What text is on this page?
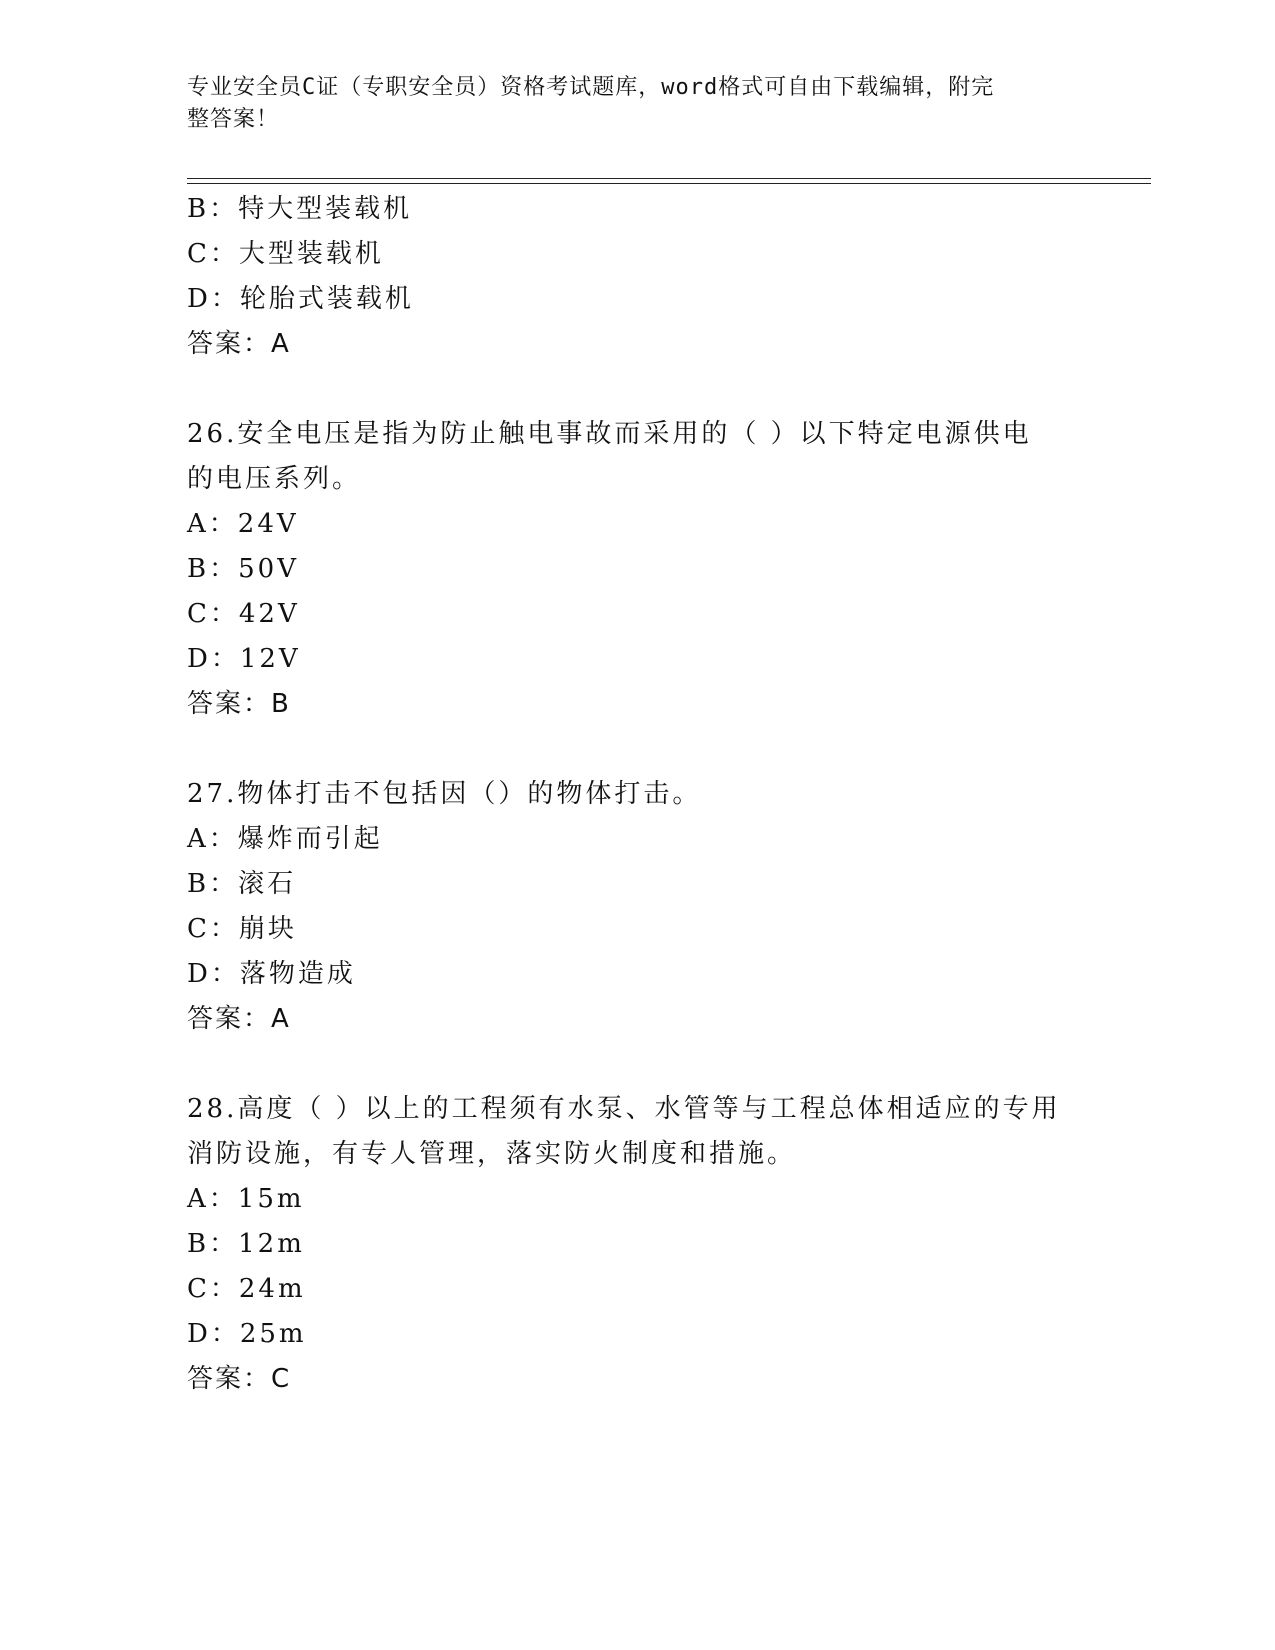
专业安全员C证（专职安全员）资格考试题库，word格式可自由下载编辑，附完
整答案！
B：特大型装载机
C：大型装载机
D：轮胎式装载机
答案：A
26.安全电压是指为防止触电事故而采用的（ ）以下特定电源供电
的电压系列。
A：24V
B：50V
C：42V
D：12V
答案：B
27.物体打击不包括因（）的物体打击。
A：爆炸而引起
B：滚石
C：崩块
D：落物造成
答案：A
28.高度（ ）以上的工程须有水泵、水管等与工程总体相适应的专用
消防设施，有专人管理，落实防火制度和措施。
A：15m
B：12m
C：24m
D：25m
答案：C
